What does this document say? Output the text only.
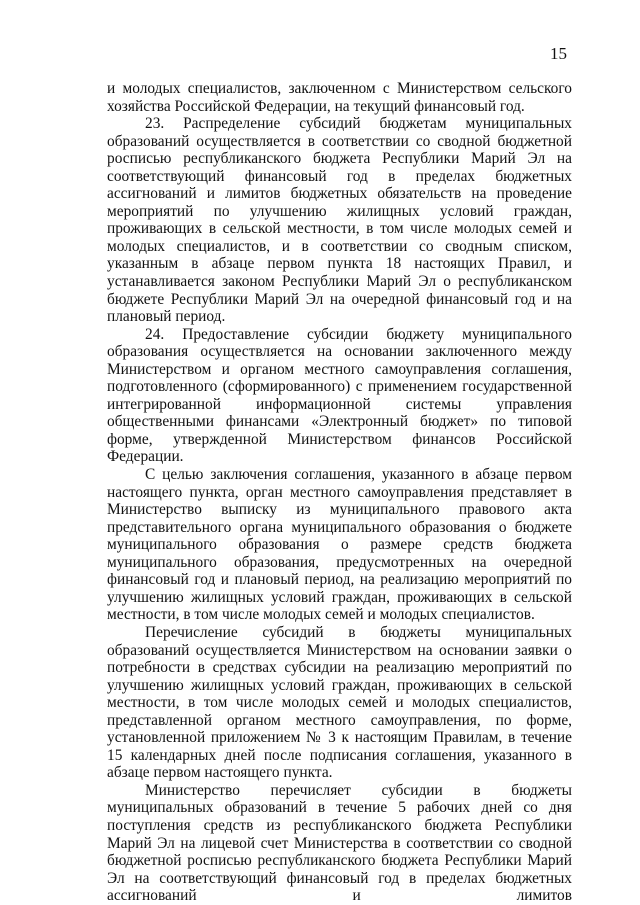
15

и молодых специалистов, заключенном с Министерством сельского хозяйства Российской Федерации, на текущий финансовый год.

23. Распределение субсидий бюджетам муниципальных образований осуществляется в соответствии со сводной бюджетной росписью республиканского бюджета Республики Марий Эл на соответствующий финансовый год в пределах бюджетных ассигнований и лимитов бюджетных обязательств на проведение мероприятий по улучшению жилищных условий граждан, проживающих в сельской местности, в том числе молодых семей и молодых специалистов, и в соответствии со сводным списком, указанным в абзаце первом пункта 18 настоящих Правил, и устанавливается законом Республики Марий Эл о республиканском бюджете Республики Марий Эл на очередной финансовый год и на плановый период.

24. Предоставление субсидии бюджету муниципального образования осуществляется на основании заключенного между Министерством и органом местного самоуправления соглашения, подготовленного (сформированного) с применением государственной интегрированной информационной системы управления общественными финансами «Электронный бюджет» по типовой форме, утвержденной Министерством финансов Российской Федерации.

С целью заключения соглашения, указанного в абзаце первом настоящего пункта, орган местного самоуправления представляет в Министерство выписку из муниципального правового акта представительного органа муниципального образования о бюджете муниципального образования о размере средств бюджета муниципального образования, предусмотренных на очередной финансовый год и плановый период, на реализацию мероприятий по улучшению жилищных условий граждан, проживающих в сельской местности, в том числе молодых семей и молодых специалистов.

Перечисление субсидий в бюджеты муниципальных образований осуществляется Министерством на основании заявки о потребности в средствах субсидии на реализацию мероприятий по улучшению жилищных условий граждан, проживающих в сельской местности, в том числе молодых семей и молодых специалистов, представленной органом местного самоуправления, по форме, установленной приложением № 3 к настоящим Правилам, в течение 15 календарных дней после подписания соглашения, указанного в абзаце первом настоящего пункта.

Министерство перечисляет субсидии в бюджеты муниципальных образований в течение 5 рабочих дней со дня поступления средств из республиканского бюджета Республики Марий Эл на лицевой счет Министерства в соответствии со сводной бюджетной росписью республиканского бюджета Республики Марий Эл на соответствующий финансовый год в пределах бюджетных ассигнований и лимитов
